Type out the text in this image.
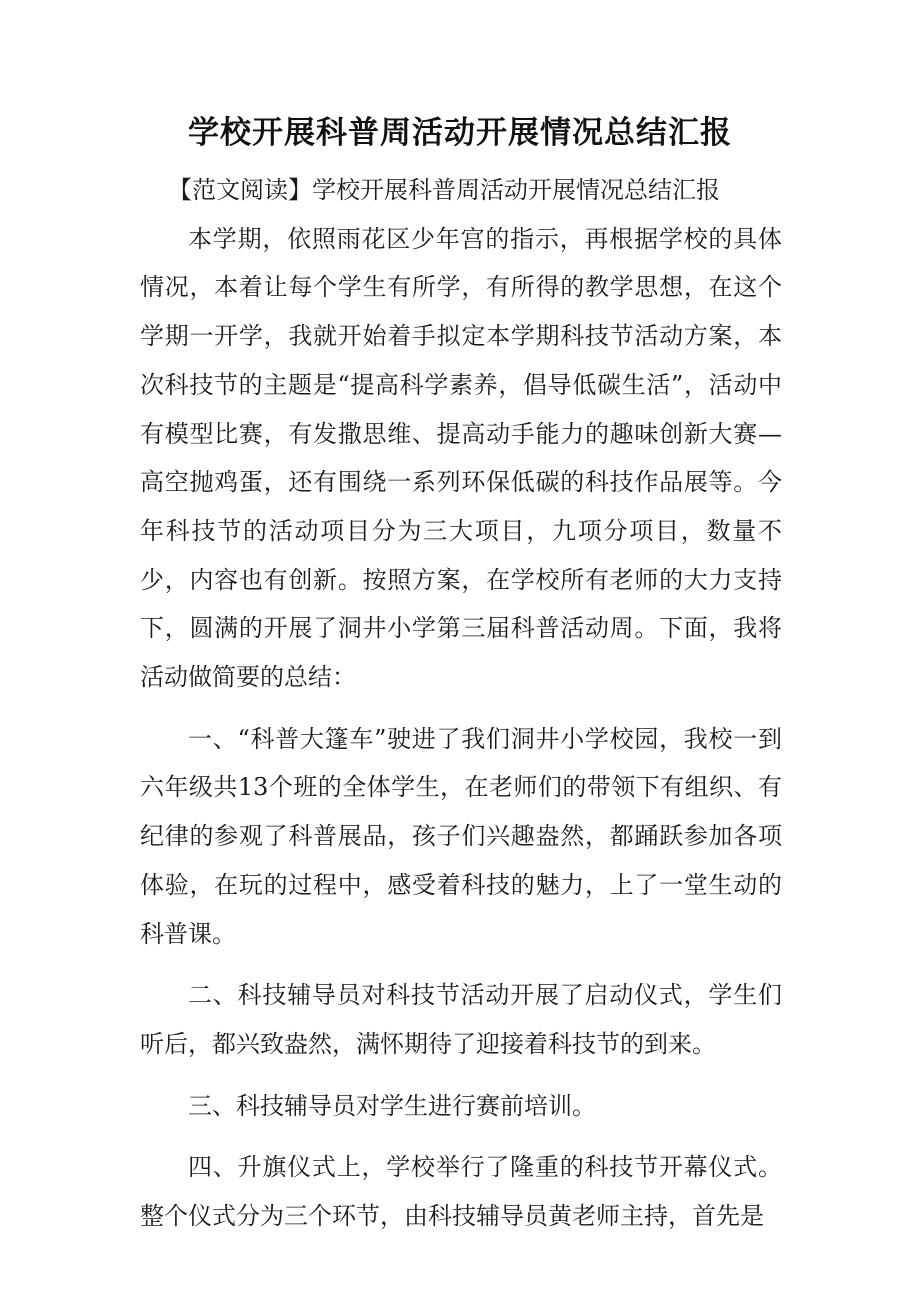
学校开展科普周活动开展情况总结汇报

【范文阅读】学校开展科普周活动开展情况总结汇报

本学期，依照雨花区少年宫的指示，再根据学校的具体情况，本着让每个学生有所学，有所得的教学思想，在这个学期一开学，我就开始着手拟定本学期科技节活动方案，本次科技节的主题是“提高科学素养，倡导低碳生活”，活动中有模型比赛，有发撒思维、提高动手能力的趣味创新大赛—高空抛鸡蛋，还有围绕一系列环保低碳的科技作品展等。今年科技节的活动项目分为三大项目，九项分项目，数量不少，内容也有创新。按照方案，在学校所有老师的大力支持下，圆满的开展了洞井小学第三届科普活动周。下面，我将活动做简要的总结：

一、“科普大篷车”驶进了我们洞井小学校园，我校一到六年级共13个班的全体学生，在老师们的带领下有组织、有纪律的参观了科普展品，孩子们兴趣盎然，都踊跃参加各项体验，在玩的过程中，感受着科技的魅力，上了一堂生动的科普课。

二、科技辅导员对科技节活动开展了启动仪式，学生们听后，都兴致盎然，满怀期待了迎接着科技节的到来。

三、科技辅导员对学生进行赛前培训。

四、升旗仪式上，学校举行了隆重的科技节开幕仪式。整个仪式分为三个环节，由科技辅导员黄老师主持，首先是
